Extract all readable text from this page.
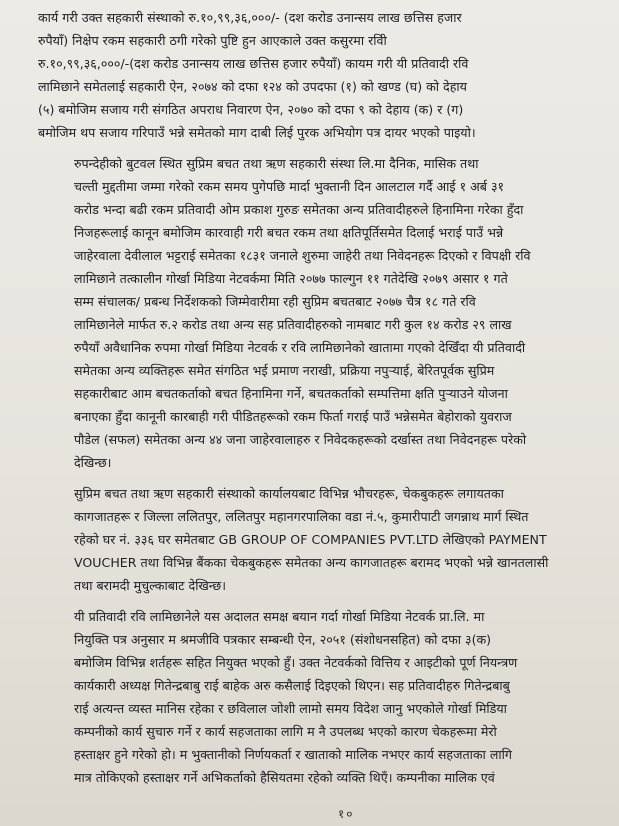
कार्य गरी उक्त सहकारी संस्थाको रु.१०,९९,३६,०००/- (दश करोड उनान्सय लाख छत्तिस हजार
रुपैयाँ) निक्षेप रकम सहकारी ठगी गरेको पुष्टि हुन आएकाले उक्त कसुरमा रविी
रु.१०,९९,३६,०००/-(दश करोड उनान्सय लाख छत्तिस हजार रुपैयाँ) कायम गरी यी प्रतिवादी रवि
लामिछाने समेतलाई सहकारी ऐन, २०७४ को दफा १२४ को उपदफा (१) को खण्ड (घ) को देहाय
(५) बमोजिम सजाय गरी संगठित अपराध निवारण ऐन, २०७० को दफा ९ को देहाय (क) र (ग)
बमोजिम थप सजाय गरिपाउँ भन्ने समेतको माग दाबी लिई पुरक अभियोग पत्र दायर भएको पाइयो।

रुपन्देहीको बुटवल स्थित सुप्रिम बचत तथा ऋण सहकारी संस्था लि.मा दैनिक, मासिक तथा
चल्ती मुद्दतीमा जम्मा गरेको रकम समय पुगेपछि मार्दा भुक्तानी दिन आलटाल गर्दै आई १ अर्ब ३१
करोड भन्दा बढी रकम प्रतिवादी ओम प्रकाश गुरुङ समेतका अन्य प्रतिवादीहरुले हिनामिना गरेका हुँदा
निजहरूलाई कानून बमोजिम कारवाही गरी बचत रकम तथा क्षतिपूर्तिसमेत दिलाई भराई पाउँ भन्ने
जाहेरवाला देवीलाल भट्टराई समेतका १८३१ जनाले शुरुमा जाहेरी तथा निवेदनहरू दिएको र विपक्षी रवि
लामिछाने तत्कालीन गोर्खा मिडिया नेटवर्कमा मिति २०७७ फाल्गुन ११ गतेदेखि २०७९ असार १ गते
सम्म संचालक/ प्रबन्ध निर्देशकको जिम्मेवारीमा रही सुप्रिम बचतबाट २०७७ चैत्र १८ गते रवि
लामिछानेले मार्फत रु.२ करोड तथा अन्य सह प्रतिवादीहरुको नामबाट गरी कुल १४ करोड २९ लाख
रुपैयाँ अवैधानिक रुपमा गोर्खा मिडिया नेटवर्क र रवि लामिछानेको खातामा गएको देखिँदा यी प्रतिवादी
समेतका अन्य व्यक्तिहरू समेत संगठित भई प्रमाण नराखी, प्रक्रिया नपुर्‍याई, बेरितपूर्वक सुप्रिम
सहकारीबाट आम बचतकर्ताको बचत हिनामिना गर्ने, बचतकर्ताको सम्पत्तिमा क्षति पुऱ्याउने योजना
बनाएका हुँदा कानूनी कारबाही गरी पीडितहरूको रकम फिर्ता गराई पाउँ भन्नेसमेत बेहोराको युवराज
पौडेल (सफल) समेतका अन्य ४४ जना जाहेरवालाहरु र निवेदकहरूको दर्खास्त तथा निवेदनहरू परेको
देखिन्छ।

सुप्रिम बचत तथा ऋण सहकारी संस्थाको कार्यालयबाट विभिन्न भौचरहरू, चेकबुकहरू लगायतका
कागजातहरू र जिल्ला ललितपुर, ललितपुर महानगरपालिका वडा नं.५, कुमारीपाटी जगन्नाथ मार्ग स्थित
रहेको घर नं. ३३६ घर समेतबाट GB GROUP OF COMPANIES PVT.LTD लेखिएको PAYMENT
VOUCHER तथा विभिन्न बैंकका चेकबुकहरू समेतका अन्य कागजातहरू बरामद भएको भन्ने खानतलासी
तथा बरामदी मुचुल्काबाट देखिन्छ।

यी प्रतिवादी रवि लामिछानेले यस अदालत समक्ष बयान गर्दा गोर्खा मिडिया नेटवर्क प्रा.लि. मा
नियुक्ति पत्र अनुसार म श्रमजीवि पत्रकार सम्बन्धी ऐन, २०५१ (संशोधनसहित) को दफा ३(क)
बमोजिम विभिन्न शर्तहरू सहित नियुक्त भएको हुँ। उक्त नेटवर्कको वित्तिय र आइटीको पूर्ण नियन्त्रण
कार्यकारी अध्यक्ष गितेन्द्रबाबु राई बाहेक अरु कसैलाई दिइएको थिएन। सह प्रतिवादीहरु गितेन्द्रबाबु
राई अत्यन्त व्यस्त मानिस रहेका र छविलाल जोशी लामो समय विदेश जानु भएकोले गोर्खा मिडिया
कम्पनीको कार्य सुचारु गर्ने र कार्य सहजताका लागि म नै उपलब्ध भएको कारण चेकहरूमा मेरो
हस्ताक्षर हुने गरेको हो। म भुक्तानीको निर्णयकर्ता र खाताको मालिक नभएर कार्य सहजताका लागि
मात्र तोकिएको हस्ताक्षर गर्ने अभिकर्ताको हैसियतमा रहेको व्यक्ति थिएँ। कम्पनीका मालिक एवं

१०
